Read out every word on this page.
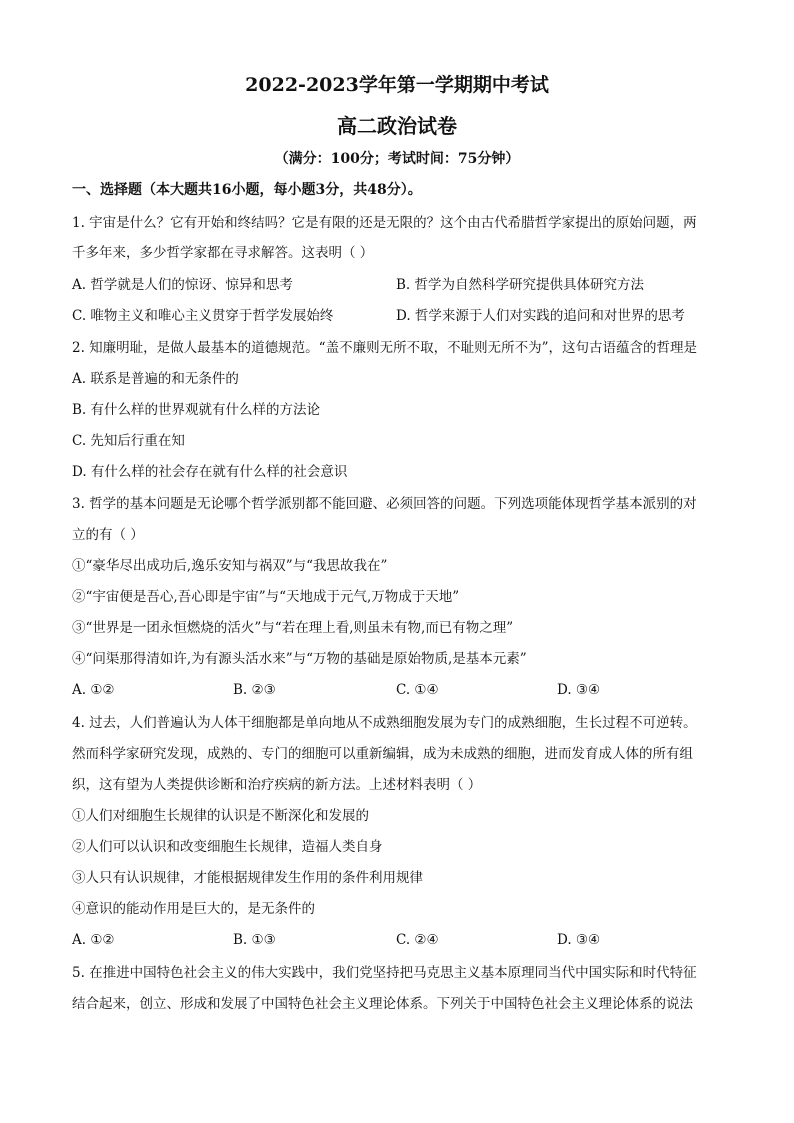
2022-2023学年第一学期期中考试
高二政治试卷
（满分：100分；考试时间：75分钟）
一、选择题（本大题共16小题，每小题3分，共48分）。
1. 宇宙是什么？它有开始和终结吗？它是有限的还是无限的？这个由古代希腊哲学家提出的原始问题，两
千多年来，多少哲学家都在寻求解答。这表明（ ）
A. 哲学就是人们的惊讶、惊异和思考	B. 哲学为自然科学研究提供具体研究方法
C. 唯物主义和唯心主义贯穿于哲学发展始终	D. 哲学来源于人们对实践的追问和对世界的思考
2. 知廉明耻，是做人最基本的道德规范。“盖不廉则无所不取，不耻则无所不为”，这句古语蕴含的哲理是
A. 联系是普遍的和无条件的
B. 有什么样的世界观就有什么样的方法论
C. 先知后行重在知
D. 有什么样的社会存在就有什么样的社会意识
3. 哲学的基本问题是无论哪个哲学派别都不能回避、必须回答的问题。下列选项能体现哲学基本派别的对
立的有（ ）
①“豪华尽出成功后,逸乐安知与祸双”与“我思故我在”
②“宇宙便是吾心,吾心即是宇宙”与“天地成于元气,万物成于天地”
③“世界是一团永恒燃烧的活火”与“若在理上看,则虽未有物,而已有物之理”
④“问渠那得清如许,为有源头活水来”与“万物的基础是原始物质,是基本元素”
A. ①②	B. ②③	C. ①④	D. ③④
4. 过去，人们普遍认为人体干细胞都是单向地从不成熟细胞发展为专门的成熟细胞，生长过程不可逆转。
然而科学家研究发现，成熟的、专门的细胞可以重新编辑，成为未成熟的细胞，进而发育成人体的所有组
织，这有望为人类提供诊断和治疗疾病的新方法。上述材料表明（ ）
①人们对细胞生长规律的认识是不断深化和发展的
②人们可以认识和改变细胞生长规律，造福人类自身
③人只有认识规律，才能根据规律发生作用的条件利用规律
④意识的能动作用是巨大的，是无条件的
A. ①②	B. ①③	C. ②④	D. ③④
5. 在推进中国特色社会主义的伟大实践中，我们党坚持把马克思主义基本原理同当代中国实际和时代特征
结合起来，创立、形成和发展了中国特色社会主义理论体系。下列关于中国特色社会主义理论体系的说法
